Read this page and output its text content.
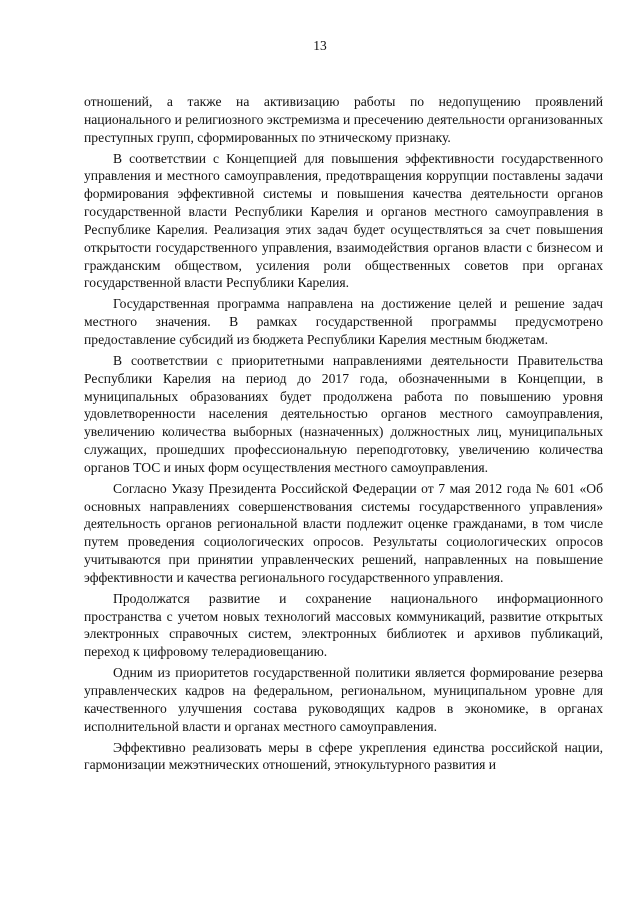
13

отношений, а также на активизацию работы по недопущению проявлений национального и религиозного экстремизма и пресечению деятельности организованных преступных групп, сформированных по этническому признаку.

В соответствии с Концепцией для повышения эффективности государственного управления и местного самоуправления, предотвращения коррупции поставлены задачи формирования эффективной системы и повышения качества деятельности органов государственной власти Республики Карелия и органов местного самоуправления в Республике Карелия. Реализация этих задач будет осуществляться за счет повышения открытости государственного управления, взаимодействия органов власти с бизнесом и гражданским обществом, усиления роли общественных советов при органах государственной власти Республики Карелия.

Государственная программа направлена на достижение целей и решение задач местного значения. В рамках государственной программы предусмотрено предоставление субсидий из бюджета Республики Карелия местным бюджетам.

В соответствии с приоритетными направлениями деятельности Правительства Республики Карелия на период до 2017 года, обозначенными в Концепции, в муниципальных образованиях будет продолжена работа по повышению уровня удовлетворенности населения деятельностью органов местного самоуправления, увеличению количества выборных (назначенных) должностных лиц, муниципальных служащих, прошедших профессиональную переподготовку, увеличению количества органов ТОС и иных форм осуществления местного самоуправления.

Согласно Указу Президента Российской Федерации от 7 мая 2012 года № 601 «Об основных направлениях совершенствования системы государственного управления» деятельность органов региональной власти подлежит оценке гражданами, в том числе путем проведения социологических опросов. Результаты социологических опросов учитываются при принятии управленческих решений, направленных на повышение эффективности и качества регионального государственного управления.

Продолжатся развитие и сохранение национального информационного пространства с учетом новых технологий массовых коммуникаций, развитие открытых электронных справочных систем, электронных библиотек и архивов публикаций, переход к цифровому телерадиовещанию.

Одним из приоритетов государственной политики является формирование резерва управленческих кадров на федеральном, региональном, муниципальном уровне для качественного улучшения состава руководящих кадров в экономике, в органах исполнительной власти и органах местного самоуправления.

Эффективно реализовать меры в сфере укрепления единства российской нации, гармонизации межэтнических отношений, этнокультурного развития и
